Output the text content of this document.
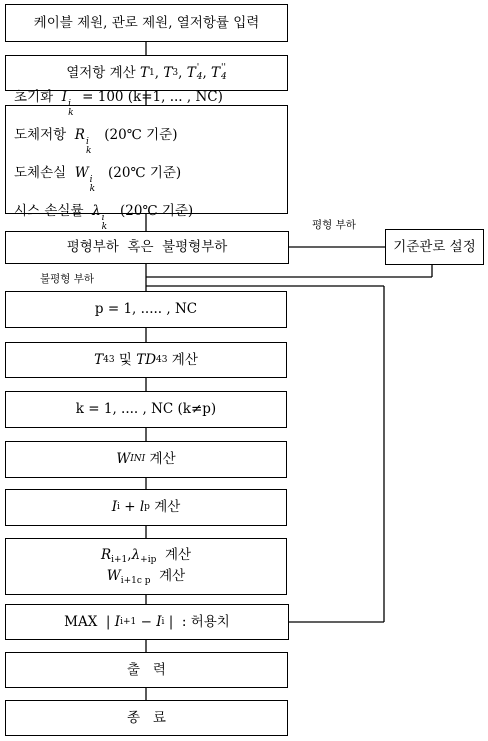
케이블 제원, 관로 제원, 열저항률 입력
열저항 계산
T 1 , T 3 , T '
4 , T ''
4
초기화 I i
k
= 100 (k=1, ... , NC)
도체저항 R i
k
(20℃ 기준)
도체손실 W i
k
(20℃ 기준)
시스 손실률 λ i
k
(20℃ 기준)
평형 부하
평형부하  혹은  불평형부하	기준관로 설정
불평형 부하
p = 1, ..... , NC
T 43
및
TD 43
계산
k = 1, .... , NC (k≠p)
W INI
계산
I i
+
l p
계산
$R_{i+1},\lambda_{+ip}$ 계산
$W_{i+1c p}$ 계산
MAX | I i+1
−
I i | : 허용치
출   력
종   료
